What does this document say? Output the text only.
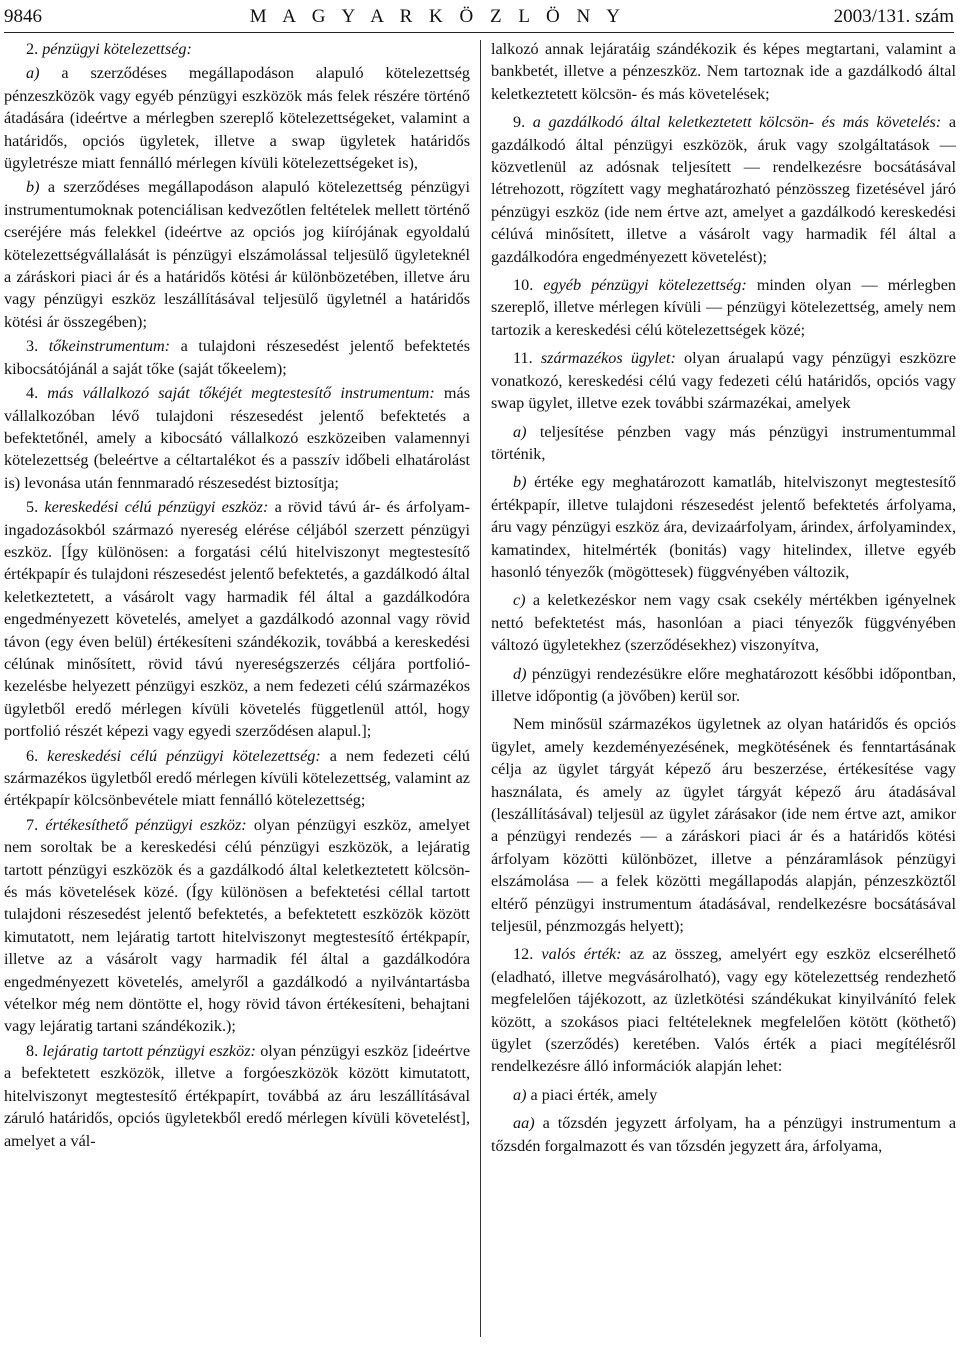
9846	M A G Y A R K Ö Z L Ö N Y	2003/131. szám

2. pénzügyi kötelezettség:

a) a szerződéses megállapodáson alapuló kötelezettség pénzeszközök vagy egyéb pénzügyi eszközök más felek részére történő átadására (ideértve a mérlegben szereplő kötelezettségeket, valamint a határidős, opciós ügyletek, illetve a swap ügyletek határidős ügyletrésze miatt fennálló mérlegen kívüli kötelezettségeket is),

b) a szerződéses megállapodáson alapuló kötelezettség pénzügyi instrumentumoknak potenciálisan kedvezőtlen feltételek mellett történő cseréjére más felekkel (ideértve az opciós jog kiírójának egyoldalú kötelezettségvállalását is pénzügyi elszámolással teljesülő ügyleteknél a záráskori piaci ár és a határidős kötési ár különbözetében, illetve áru vagy pénzügyi eszköz leszállításával teljesülő ügyletnél a határidős kötési ár összegében);

3. tőkeinstrumentum: a tulajdoni részesedést jelentő befektetés kibocsátójánál a saját tőke (saját tőkeelem);

4. más vállalkozó saját tőkéjét megtestesítő instrumentum: más vállalkozóban lévő tulajdoni részesedést jelentő befektetés a befektetőnél, amely a kibocsátó vállalkozó eszközeiben valamennyi kötelezettség (beleértve a céltartalékot és a passzív időbeli elhatárolást is) levonása után fennmaradó részesedést biztosítja;

5. kereskedési célú pénzügyi eszköz: a rövid távú ár- és árfolyam-ingadozásokból származó nyereség elérése céljából szerzett pénzügyi eszköz. [Így különösen: a forgatási célú hitelviszonyt megtestesítő értékpapír és tulajdoni részesedést jelentő befektetés, a gazdálkodó által keletkeztetett, a vásárolt vagy harmadik fél által a gazdálkodóra engedményezett követelés, amelyet a gazdálkodó azonnal vagy rövid távon (egy éven belül) értékesíteni szándékozik, továbbá a kereskedési célúnak minősített, rövid távú nyereségszerzés céljára portfolió-kezelésbe helyezett pénzügyi eszköz, a nem fedezeti célú származékos ügyletből eredő mérlegen kívüli követelés függetlenül attól, hogy portfolió részét képezi vagy egyedi szerződésen alapul.];

6. kereskedési célú pénzügyi kötelezettség: a nem fedezeti célú származékos ügyletből eredő mérlegen kívüli kötelezettség, valamint az értékpapír kölcsönbevétele miatt fennálló kötelezettség;

7. értékesíthető pénzügyi eszköz: olyan pénzügyi eszköz, amelyet nem soroltak be a kereskedési célú pénzügyi eszközök, a lejáratig tartott pénzügyi eszközök és a gazdálkodó által keletkeztetett kölcsön- és más követelések közé. (Így különösen a befektetési céllal tartott tulajdoni részesedést jelentő befektetés, a befektetett eszközök között kimutatott, nem lejáratig tartott hitelviszonyt megtestesítő értékpapír, illetve az a vásárolt vagy harmadik fél által a gazdálkodóra engedményezett követelés, amelyről a gazdálkodó a nyilvántartásba vételkor még nem döntötte el, hogy rövid távon értékesíteni, behajtani vagy lejáratig tartani szándékozik.);

8. lejáratig tartott pénzügyi eszköz: olyan pénzügyi eszköz [ideértve a befektetett eszközök, illetve a forgóeszközök között kimutatott, hitelviszonyt megtestesítő értékpapírt, továbbá az áru leszállításával záruló határidős, opciós ügyletekből eredő mérlegen kívüli követelést], amelyet a vál-

lalkozó annak lejáratáig szándékozik és képes megtartani, valamint a bankbetét, illetve a pénzeszköz. Nem tartoznak ide a gazdálkodó által keletkeztetett kölcsön- és más követelések;

9. a gazdálkodó által keletkeztetett kölcsön- és más követelés: a gazdálkodó által pénzügyi eszközök, áruk vagy szolgáltatások — közvetlenül az adósnak teljesített — rendelkezésre bocsátásával létrehozott, rögzített vagy meghatározható pénzösszeg fizetésével járó pénzügyi eszköz (ide nem értve azt, amelyet a gazdálkodó kereskedési célúvá minősített, illetve a vásárolt vagy harmadik fél által a gazdálkodóra engedményezett követelést);

10. egyéb pénzügyi kötelezettség: minden olyan — mérlegben szereplő, illetve mérlegen kívüli — pénzügyi kötelezettség, amely nem tartozik a kereskedési célú kötelezettségek közé;

11. származékos ügylet: olyan árualapú vagy pénzügyi eszközre vonatkozó, kereskedési célú vagy fedezeti célú határidős, opciós vagy swap ügylet, illetve ezek további származékai, amelyek

a) teljesítése pénzben vagy más pénzügyi instrumentummal történik,

b) értéke egy meghatározott kamatláb, hitelviszonyt megtestesítő értékpapír, illetve tulajdoni részesedést jelentő befektetés árfolyama, áru vagy pénzügyi eszköz ára, devizaárfolyam, árindex, árfolyamindex, kamatindex, hitelmérték (bonitás) vagy hitelindex, illetve egyéb hasonló tényezők (mögöttesek) függvényében változik,

c) a keletkezéskor nem vagy csak csekély mértékben igényelnek nettó befektetést más, hasonlóan a piaci tényezők függvényében változó ügyletekhez (szerződésekhez) viszonyítva,

d) pénzügyi rendezésükre előre meghatározott későbbi időpontban, illetve időpontig (a jövőben) kerül sor.

Nem minősül származékos ügyletnek az olyan határidős és opciós ügylet, amely kezdeményezésének, megkötésének és fenntartásának célja az ügylet tárgyát képező áru beszerzése, értékesítése vagy használata, és amely az ügylet tárgyát képező áru átadásával (leszállításával) teljesül az ügylet zárásakor (ide nem értve azt, amikor a pénzügyi rendezés — a záráskori piaci ár és a határidős kötési árfolyam közötti különbözet, illetve a pénzáramlások pénzügyi elszámolása — a felek közötti megállapodás alapján, pénzeszköztől eltérő pénzügyi instrumentum átadásával, rendelkezésre bocsátásával teljesül, pénzmozgás helyett);

12. valós érték: az az összeg, amelyért egy eszköz elcserélhető (eladható, illetve megvásárolható), vagy egy kötelezettség rendezhető megfelelően tájékozott, az üzletkötési szándékukat kinyilvánító felek között, a szokásos piaci feltételeknek megfelelően kötött (köthető) ügylet (szerződés) keretében. Valós érték a piaci megítélésről rendelkezésre álló információk alapján lehet:

a) a piaci érték, amely

aa) a tőzsdén jegyzett árfolyam, ha a pénzügyi instrumentum a tőzsdén forgalmazott és van tőzsdén jegyzett ára, árfolyama,
